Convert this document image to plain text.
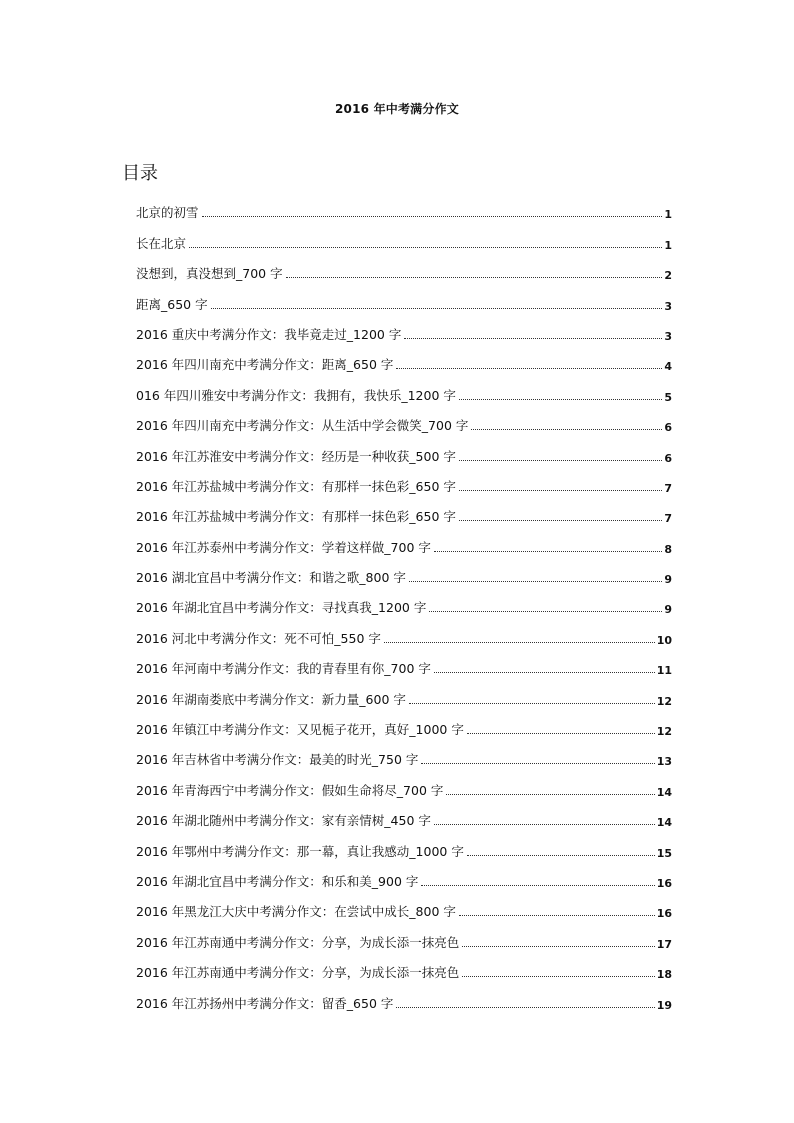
2016 年中考满分作文
目录
北京的初雪	1
长在北京	1
没想到，真没想到_700 字	2
距离_650 字	3
2016 重庆中考满分作文：我毕竟走过_1200 字	3
2016 年四川南充中考满分作文：距离_650 字	4
016 年四川雅安中考满分作文：我拥有，我快乐_1200 字	5
2016 年四川南充中考满分作文：从生活中学会微笑_700 字	6
2016 年江苏淮安中考满分作文：经历是一种收获_500 字	6
2016 年江苏盐城中考满分作文：有那样一抹色彩_650 字	7
2016 年江苏盐城中考满分作文：有那样一抹色彩_650 字	7
2016 年江苏泰州中考满分作文：学着这样做_700 字	8
2016 湖北宜昌中考满分作文：和谐之歌_800 字	9
2016 年湖北宜昌中考满分作文：寻找真我_1200 字	9
2016 河北中考满分作文：死不可怕_550 字	10
2016 年河南中考满分作文：我的青春里有你_700 字	11
2016 年湖南娄底中考满分作文：新力量_600 字	12
2016 年镇江中考满分作文：又见栀子花开，真好_1000 字	12
2016 年吉林省中考满分作文：最美的时光_750 字	13
2016 年青海西宁中考满分作文：假如生命将尽_700 字	14
2016 年湖北随州中考满分作文：家有亲情树_450 字	14
2016 年鄂州中考满分作文：那一幕，真让我感动_1000 字	15
2016 年湖北宜昌中考满分作文：和乐和美_900 字	16
2016 年黑龙江大庆中考满分作文：在尝试中成长_800 字	16
2016 年江苏南通中考满分作文：分享，为成长添一抹亮色	17
2016 年江苏南通中考满分作文：分享，为成长添一抹亮色	18
2016 年江苏扬州中考满分作文：留香_650 字	19
